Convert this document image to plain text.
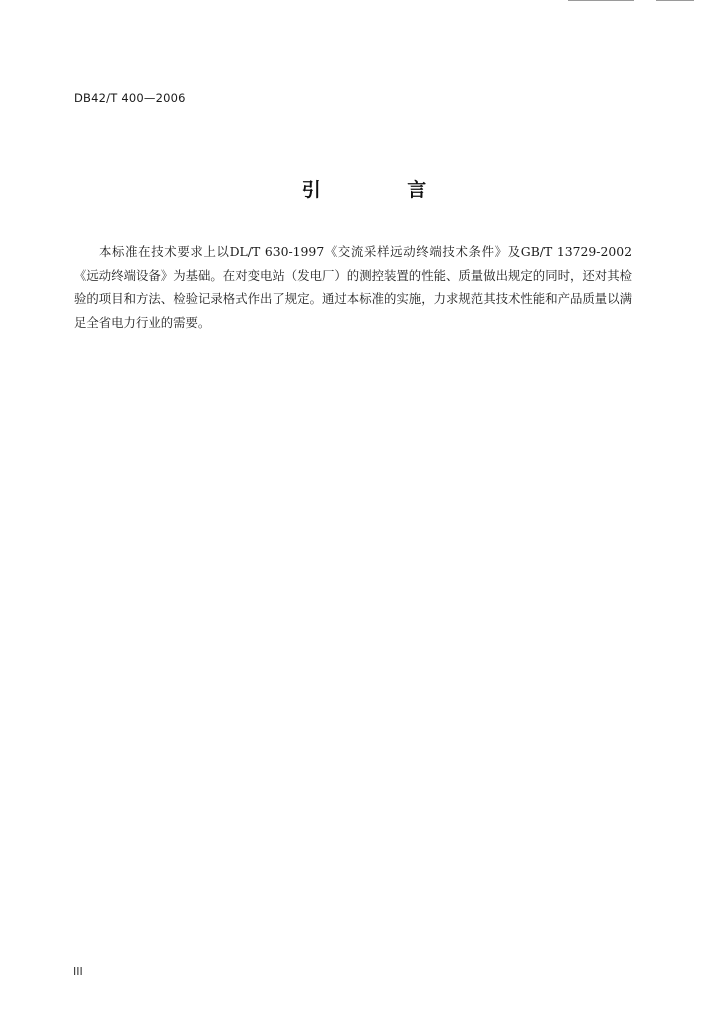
DB42/T 400—2006
引 言

本标准在技术要求上以DL/T 630-1997《交流采样远动终端技术条件》及GB/T 13729-2002《远动终端设备》为基础。在对变电站（发电厂）的测控装置的性能、质量做出规定的同时，还对其检验的项目和方法、检验记录格式作出了规定。通过本标准的实施，力求规范其技术性能和产品质量以满足全省电力行业的需要。

III
